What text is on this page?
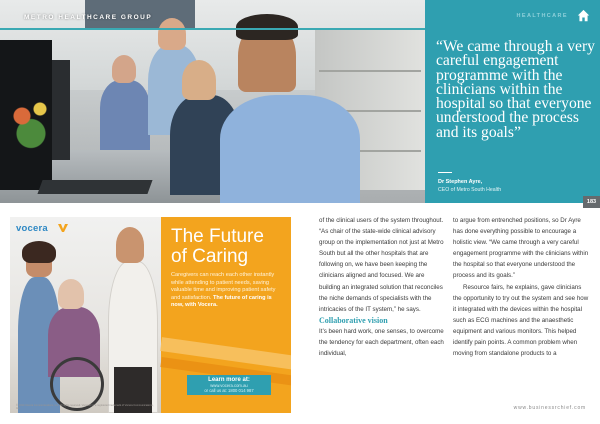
METRO HEALTHCARE GROUP	HEALTHCARE
“We came through a very careful engagement programme with the clinicians within the hospital so that everyone understood the process and its goals”
Dr Stephen Ayre,
CEO of Metro South Health
183
vocera	The Future
of Caring
Caregivers can reach each other instantly while attending to patient needs, saving valuable time and improving patient safety and satisfaction. The future of caring is now, with Vocera.
Learn more at:
www.vocera.com.au
or call us at: 1800 014 987
© 2014 Vocera Communications, Inc. All rights reserved. Vocera® is a registered trademark of Vocera Communications, Inc.

of the clinical users of the system throughout. “As chair of the state-wide clinical advisory group on the implementation not just at Metro South but all the other hospitals that are following on, we have been keeping the clinicians aligned and focused. We are building an integrated solution that reconciles the niche demands of specialists with the intricacies of the IT system,” he says.

Collaborative vision

It’s been hard work, one senses, to overcome the tendency for each department, often each individual,

to argue from entrenched positions, so Dr Ayre has done everything possible to encourage a holistic view. “We came through a very careful engagement programme with the clinicians within the hospital so that everyone understood the process and its goals.”

Resource fairs, he explains, gave clinicians the opportunity to try out the system and see how it integrated with the devices within the hospital such as ECG machines and the anaesthetic equipment and various monitors. This helped identify pain points. A common problem when moving from standalone products to a

www.businessrchief.com
